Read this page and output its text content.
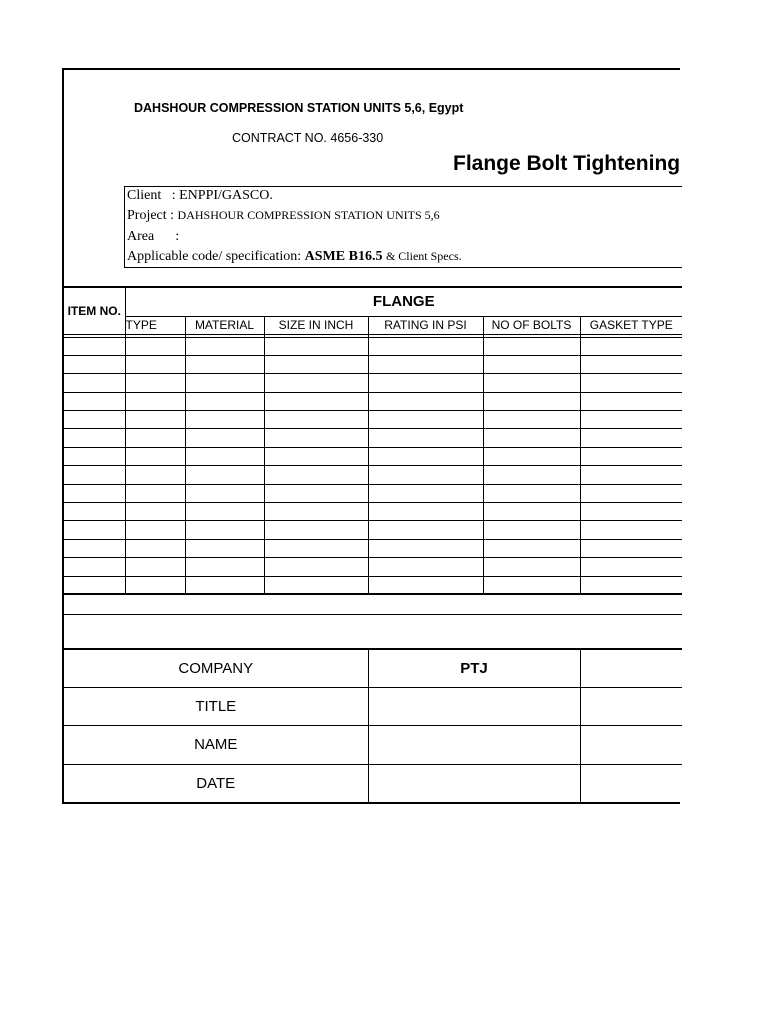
DAHSHOUR COMPRESSION STATION UNITS 5,6, Egypt
CONTRACT NO. 4656-330
Flange Bolt Tightening
Client : ENPPI/GASCO.
Project : DAHSHOUR COMPRESSION STATION UNITS 5,6
Area :
Applicable code/ specification: ASME B16.5 & Client Specs.
ITEM NO.	FLANGE					
	TYPE	MATERIAL	SIZE IN INCH	RATING IN PSI	NO OF BOLTS	GASKET TYPE

COMPANY	PTJ	
TITLE		
NAME		
DATE		
